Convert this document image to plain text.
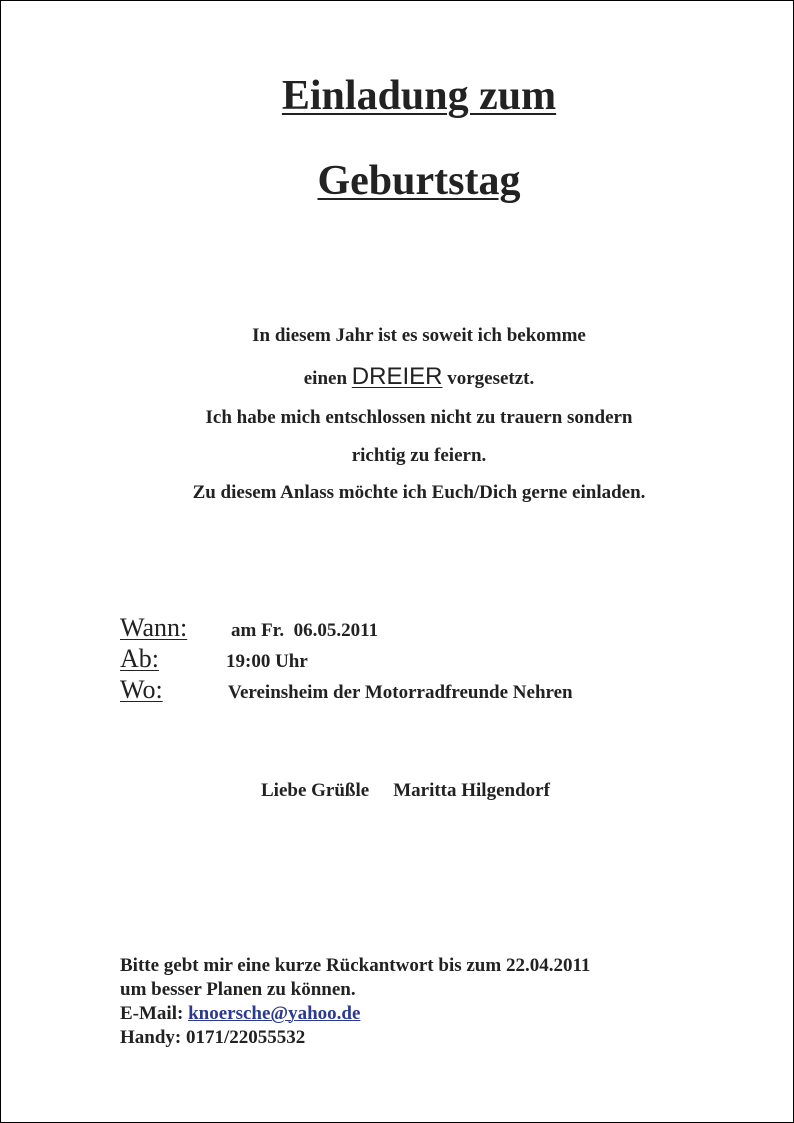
Einladung zum
Geburtstag
In diesem Jahr ist es soweit ich bekomme
einen DREIER vorgesetzt.
Ich habe mich entschlossen nicht zu trauern sondern
richtig zu feiern.
Zu diesem Anlass möchte ich Euch/Dich gerne einladen.
Wann: am Fr.  06.05.2011
Ab:	19:00 Uhr
Wo:	Vereinsheim der Motorradfreunde Nehren
Liebe Grüßle Maritta Hilgendorf
Bitte gebt mir eine kurze Rückantwort bis zum 22.04.2011
um besser Planen zu können.
E-Mail: knoersche@yahoo.de
Handy: 0171/22055532
